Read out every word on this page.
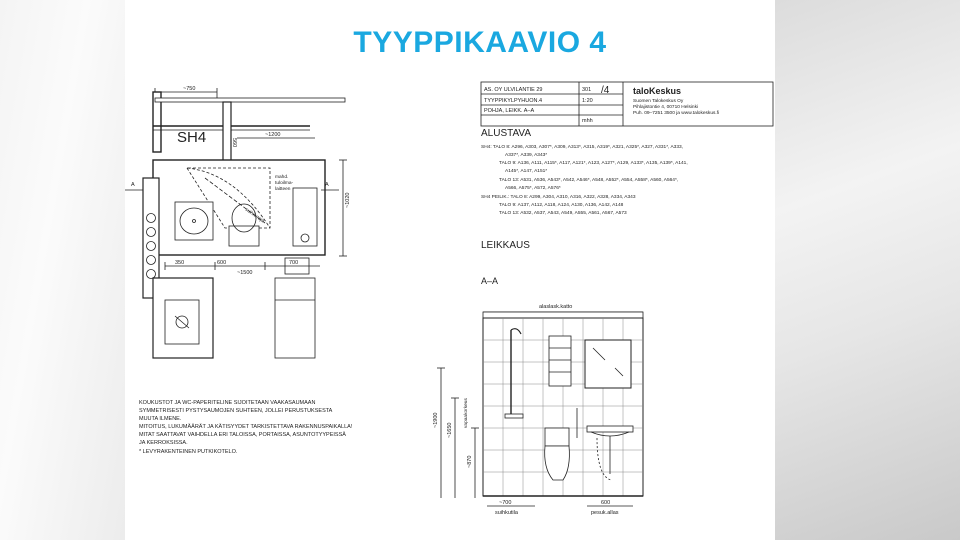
TYYPPIKAAVIO 4
~750
560
SH4	~1200
mahd.
tuloilma-
laitteen
suihkuraja
~1020
A	A
350	600
~1500
700
KOUKUSTOT JA WC-PAPERITELINE SIJOITETAAN VAAKASAUMAAN
SYMMETRISESTI PYSTYSAUMOJEN SUHTEEN, JOLLEI PERUSTUKSESTA
MUUTA ILMENE.
MITOITUS, LUKUMÄÄRÄT JA KÄTISYYDET TARKISTETTAVA RAKENNUSPAIKALLA!
MITAT SAATTAVAT VAIHDELLA ERI TALOISSA, PORTAISSA, ASUNTOTYYPEISSÄ
JA KERROKSISSA.
* LEVYRAKENTEINEN PUTKIKOTELO.
AS. OY ULVILANTIE 29	301 /4
TYYPPIKYLPYHUON.4	1:20
POHJA, LEIKK. A–A
mhh
taloKeskus
Suomen Talokeskus Oy
Pihlajistontie 4, 00710 Helsinki
Puh. 09–7251 3500 ja www.talokeskus.fi
ALUSTAVA
SH4: TALO 8: A296, A303, A307*, A309, A313*, A315, A319*, A321, A325*, A327, A331*, A333,
A337*, A339, A343*
TALO 9: A136, A111, A115*, A117, A121*, A123, A127*, A129, A133*, A135, A139*, A141,
A145*, A147, A151*
TALO 13: A531, A536, A543*, A542, A546*, A548, A552*, A554, A558*, A560, A564*,
A566, A575*, A572, A576*
SH4 PEILIK.: TALO 8: A299, A304, A310, A316, A322, A328, A334, A343
TALO 9: A137, A112, A118, A124, A130, A136, A142, A148
TALO 13: A532, A537, A543, A549, A555, A561, A567, A573
LEIKKAUS
A–A
alaslask.katto
~1900
~1650
vapaakorkeus
~870
~700
suihkutila
600
pesuk.allas
